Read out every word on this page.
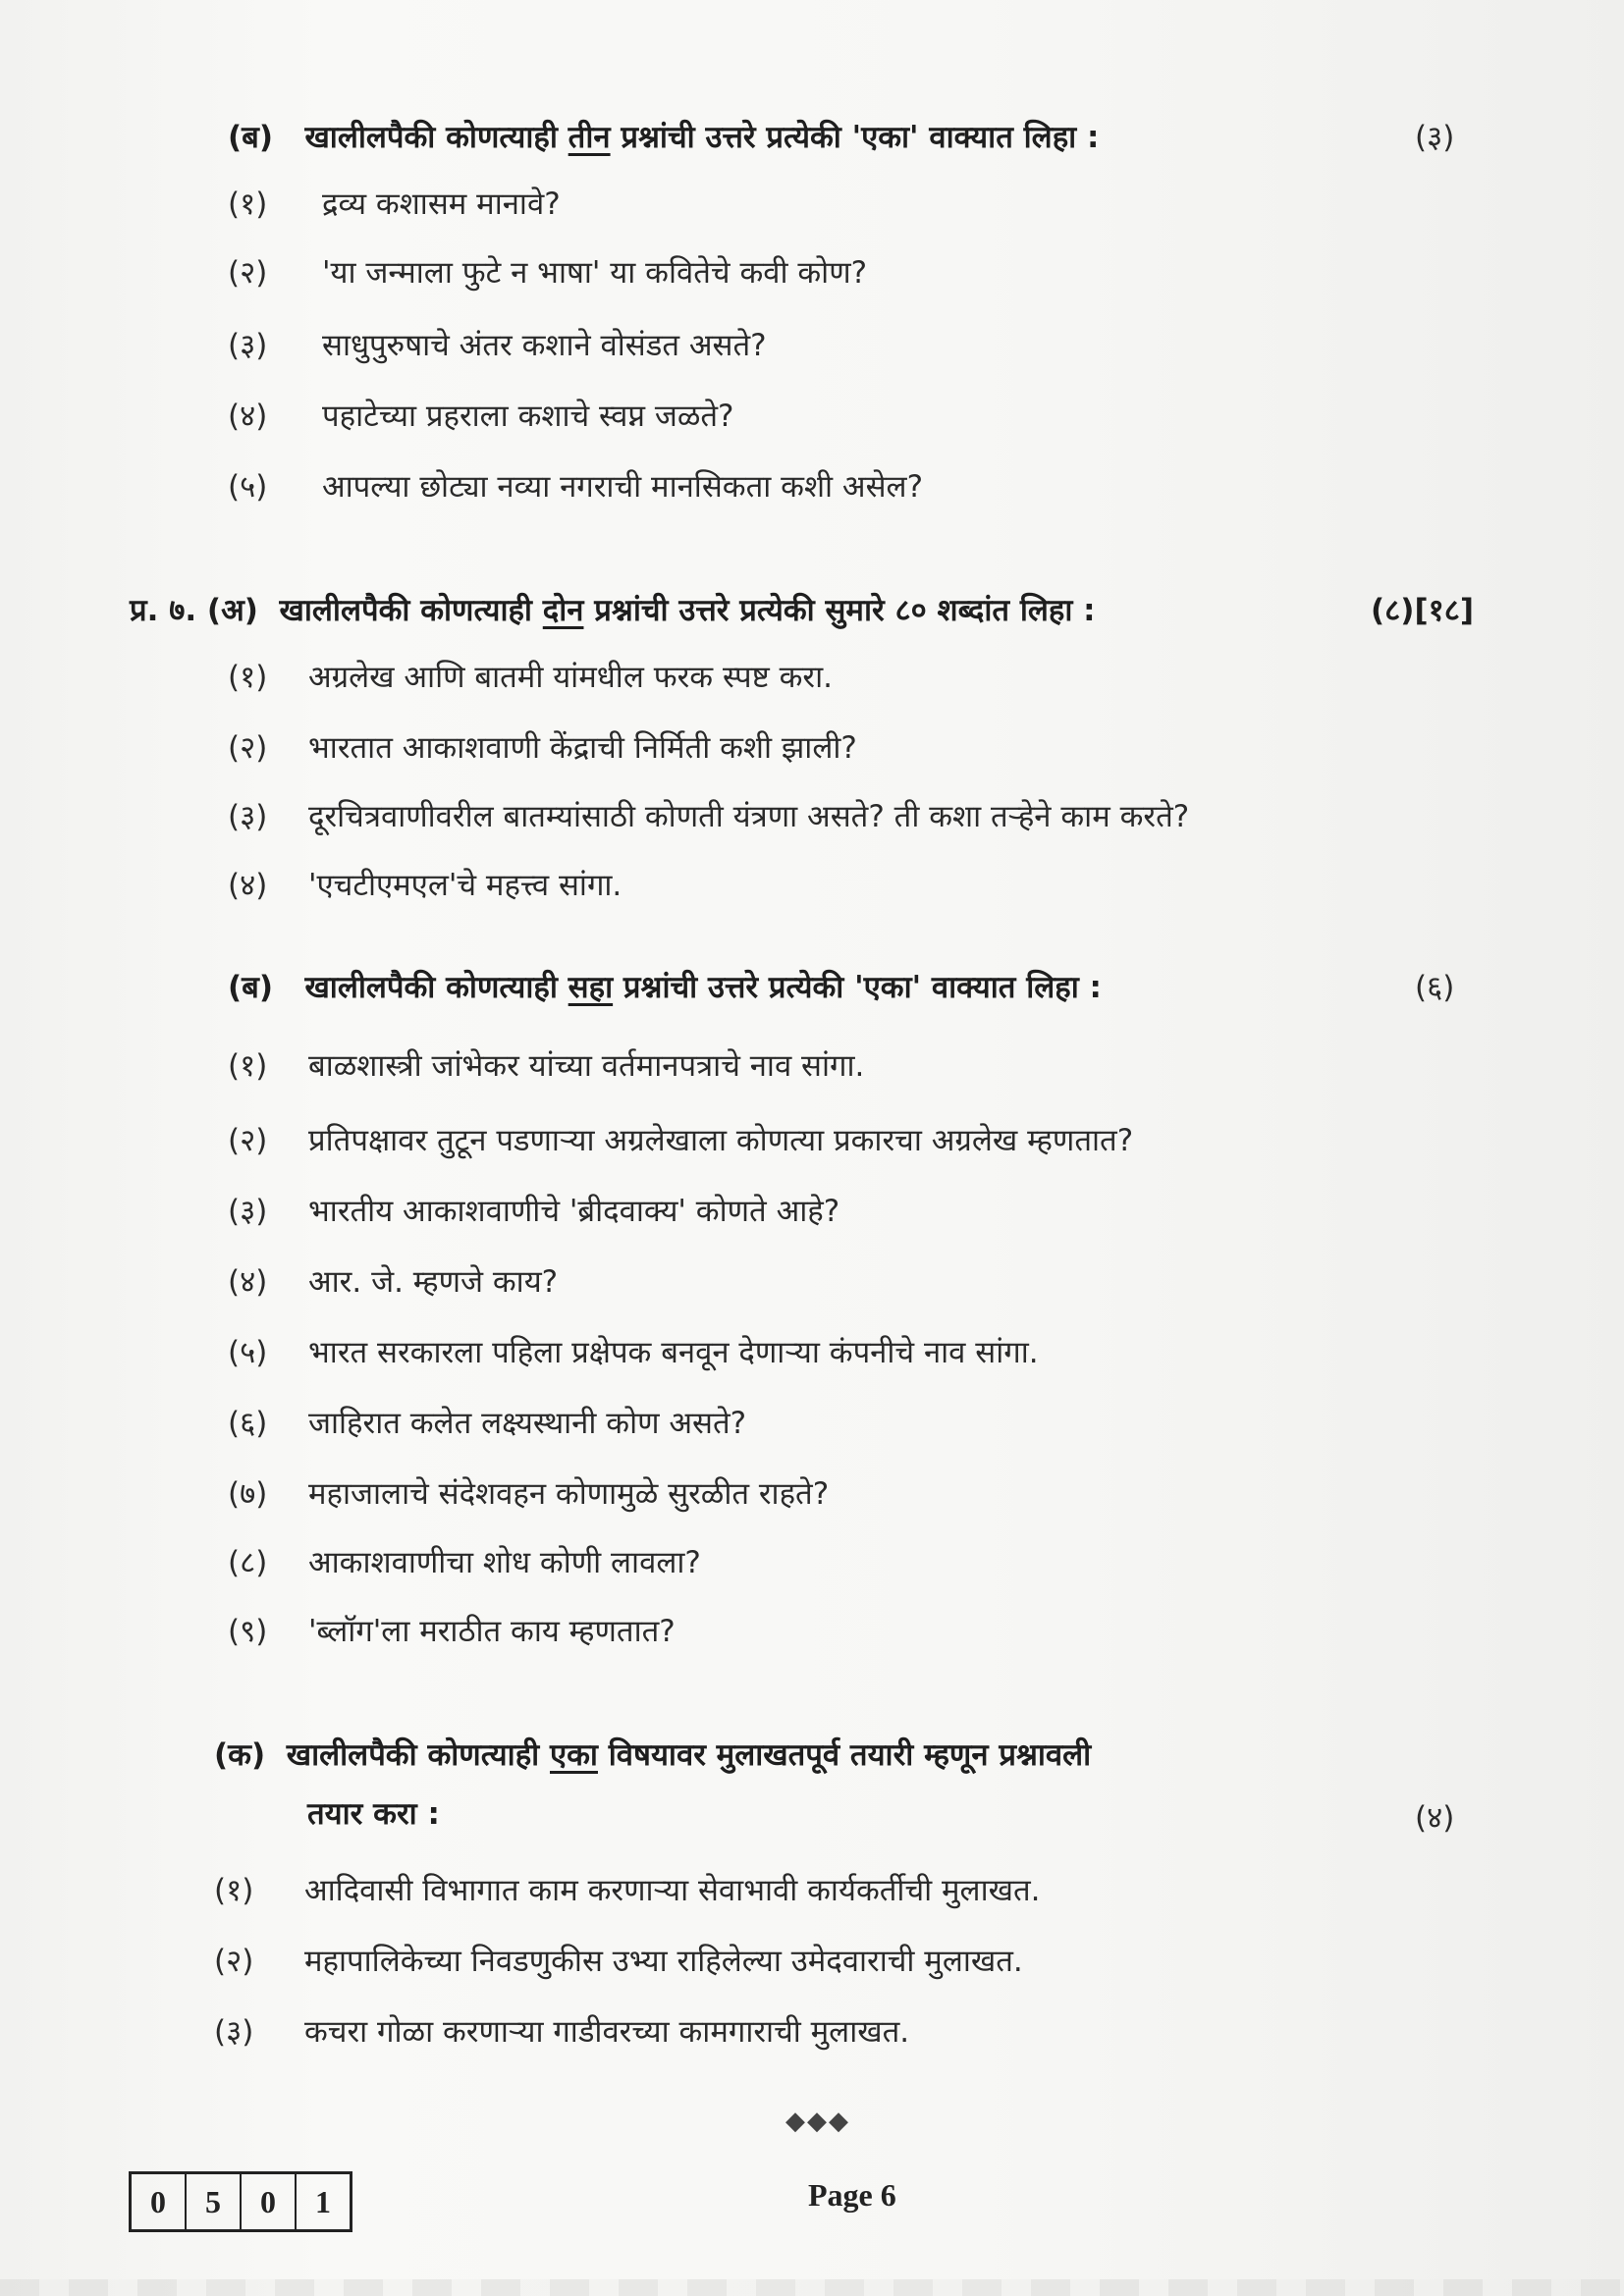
(ब) खालीलपैकी कोणत्याही तीन प्रश्नांची उत्तरे प्रत्येकी 'एका' वाक्यात लिहा :	(३)
(१) द्रव्य कशासम मानावे?
(२) 'या जन्माला फुटे न भाषा' या कवितेचे कवी कोण?
(३) साधुपुरुषाचे अंतर कशाने वोसंडत असते?
(४) पहाटेच्या प्रहराला कशाचे स्वप्न जळते?
(५) आपल्या छोट्या नव्या नगराची मानसिकता कशी असेल?
प्र. ७. (अ) खालीलपैकी कोणत्याही दोन प्रश्नांची उत्तरे प्रत्येकी सुमारे ८० शब्दांत लिहा :	(८)[१८]
(१) अग्रलेख आणि बातमी यांमधील फरक स्पष्ट करा.
(२) भारतात आकाशवाणी केंद्राची निर्मिती कशी झाली?
(३) दूरचित्रवाणीवरील बातम्यांसाठी कोणती यंत्रणा असते? ती कशा तऱ्हेने काम करते?
(४) 'एचटीएमएल'चे महत्त्व सांगा.
(ब) खालीलपैकी कोणत्याही सहा प्रश्नांची उत्तरे प्रत्येकी 'एका' वाक्यात लिहा :	(६)
(१) बाळशास्त्री जांभेकर यांच्या वर्तमानपत्राचे नाव सांगा.
(२) प्रतिपक्षावर तुटून पडणाऱ्या अग्रलेखाला कोणत्या प्रकारचा अग्रलेख म्हणतात?
(३) भारतीय आकाशवाणीचे 'ब्रीदवाक्य' कोणते आहे?
(४) आर. जे. म्हणजे काय?
(५) भारत सरकारला पहिला प्रक्षेपक बनवून देणाऱ्या कंपनीचे नाव सांगा.
(६) जाहिरात कलेत लक्ष्यस्थानी कोण असते?
(७) महाजालाचे संदेशवहन कोणामुळे सुरळीत राहते?
(८) आकाशवाणीचा शोध कोणी लावला?
(९) 'ब्लॉग'ला मराठीत काय म्हणतात?
(क) खालीलपैकी कोणत्याही एका विषयावर मुलाखतपूर्व तयारी म्हणून प्रश्नावली
तयार करा :	(४)
(१) आदिवासी विभागात काम करणाऱ्या सेवाभावी कार्यकर्तीची मुलाखत.
(२) महापालिकेच्या निवडणुकीस उभ्या राहिलेल्या उमेदवाराची मुलाखत.
(३) कचरा गोळा करणाऱ्या गाडीवरच्या कामगाराची मुलाखत.
◆◆◆
0	5	0	1	Page 6
